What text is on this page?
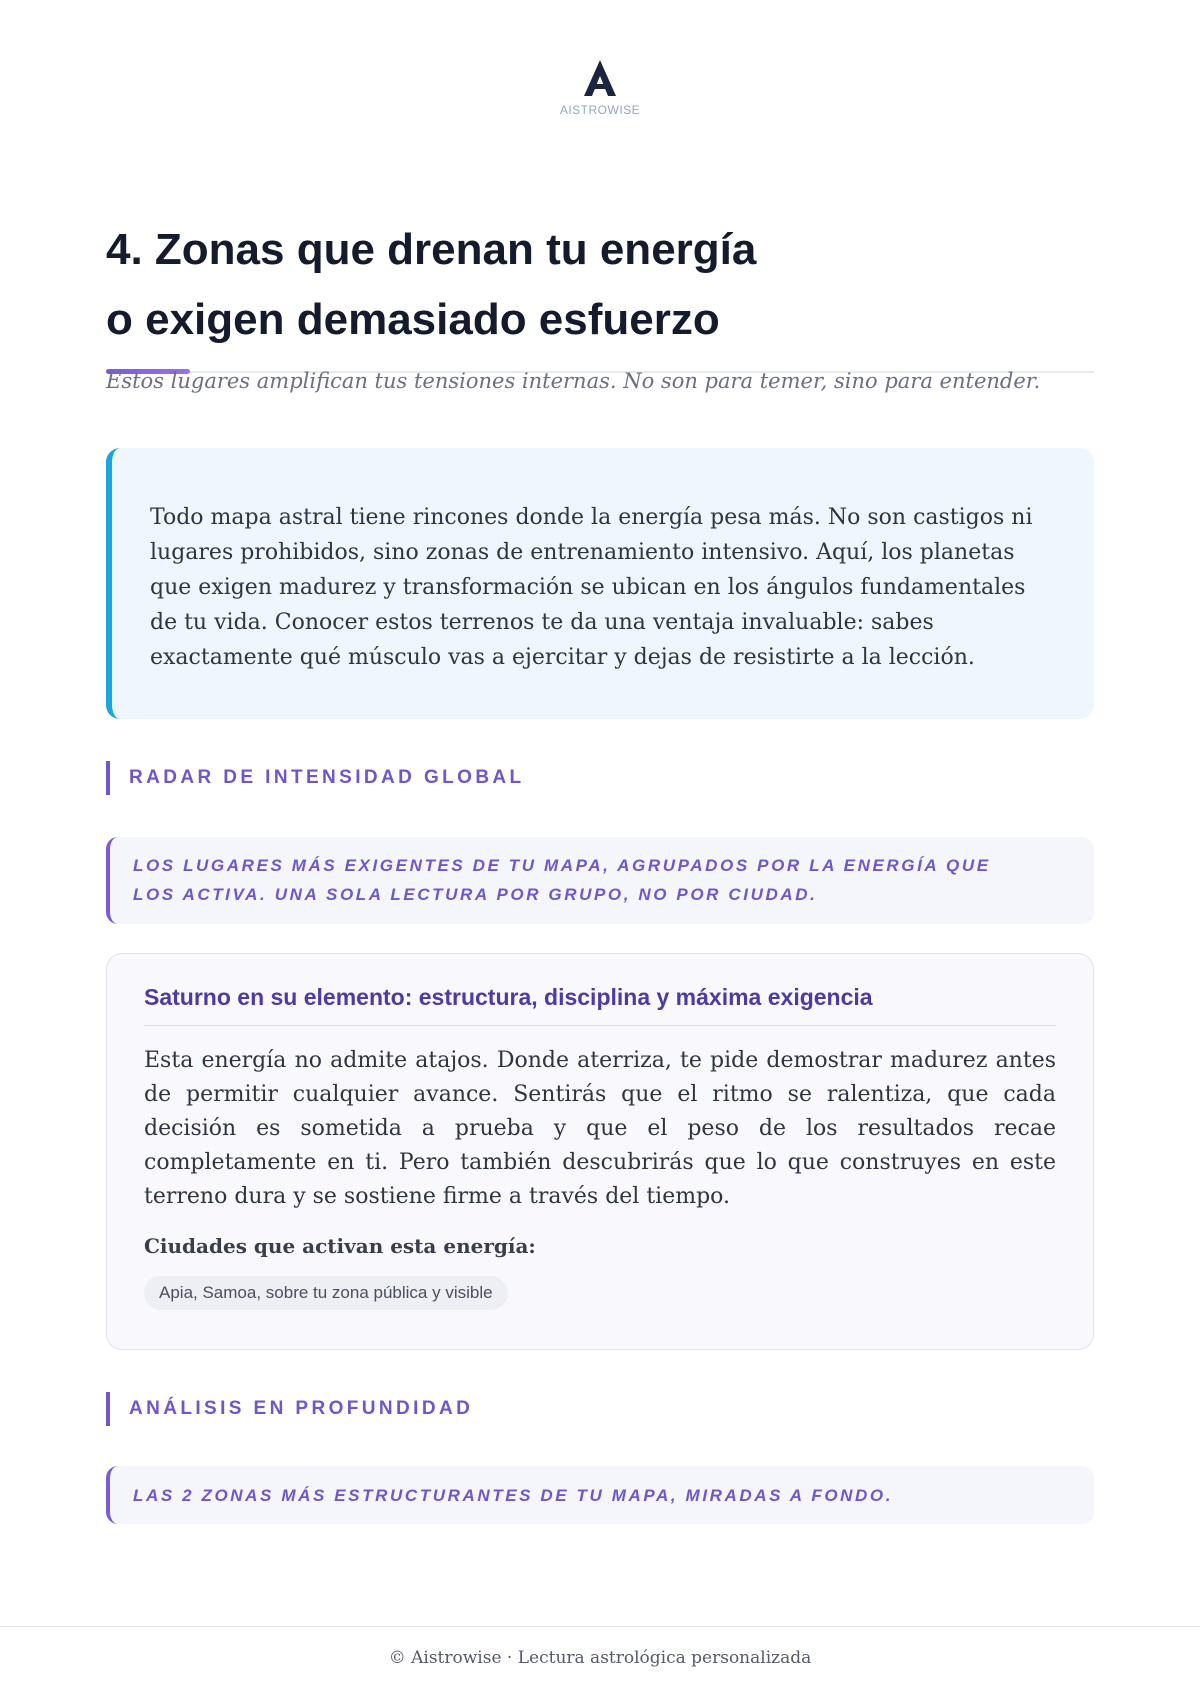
AISTROWISE
4. Zonas que drenan tu energía
o exigen demasiado esfuerzo

Estos lugares amplifican tus tensiones internas. No son para temer, sino para entender.

Todo mapa astral tiene rincones donde la energía pesa más. No son castigos ni lugares prohibidos, sino zonas de entrenamiento intensivo. Aquí, los planetas que exigen madurez y transformación se ubican en los ángulos fundamentales de tu vida. Conocer estos terrenos te da una ventaja invaluable: sabes exactamente qué músculo vas a ejercitar y dejas de resistirte a la lección.
RADAR DE INTENSIDAD GLOBAL
LOS LUGARES MÁS EXIGENTES DE TU MAPA, AGRUPADOS POR LA ENERGÍA QUE
LOS ACTIVA. UNA SOLA LECTURA POR GRUPO, NO POR CIUDAD.
Saturno en su elemento: estructura, disciplina y máxima exigencia

Esta energía no admite atajos. Donde aterriza, te pide demostrar madurez antes de permitir cualquier avance. Sentirás que el ritmo se ralentiza, que cada decisión es sometida a prueba y que el peso de los resultados recae completamente en ti. Pero también descubrirás que lo que construyes en este terreno dura y se sostiene firme a través del tiempo.

Ciudades que activan esta energía:

Apia, Samoa, sobre tu zona pública y visible
ANÁLISIS EN PROFUNDIDAD
LAS 2 ZONAS MÁS ESTRUCTURANTES DE TU MAPA, MIRADAS A FONDO.
© Aistrowise · Lectura astrológica personalizada
